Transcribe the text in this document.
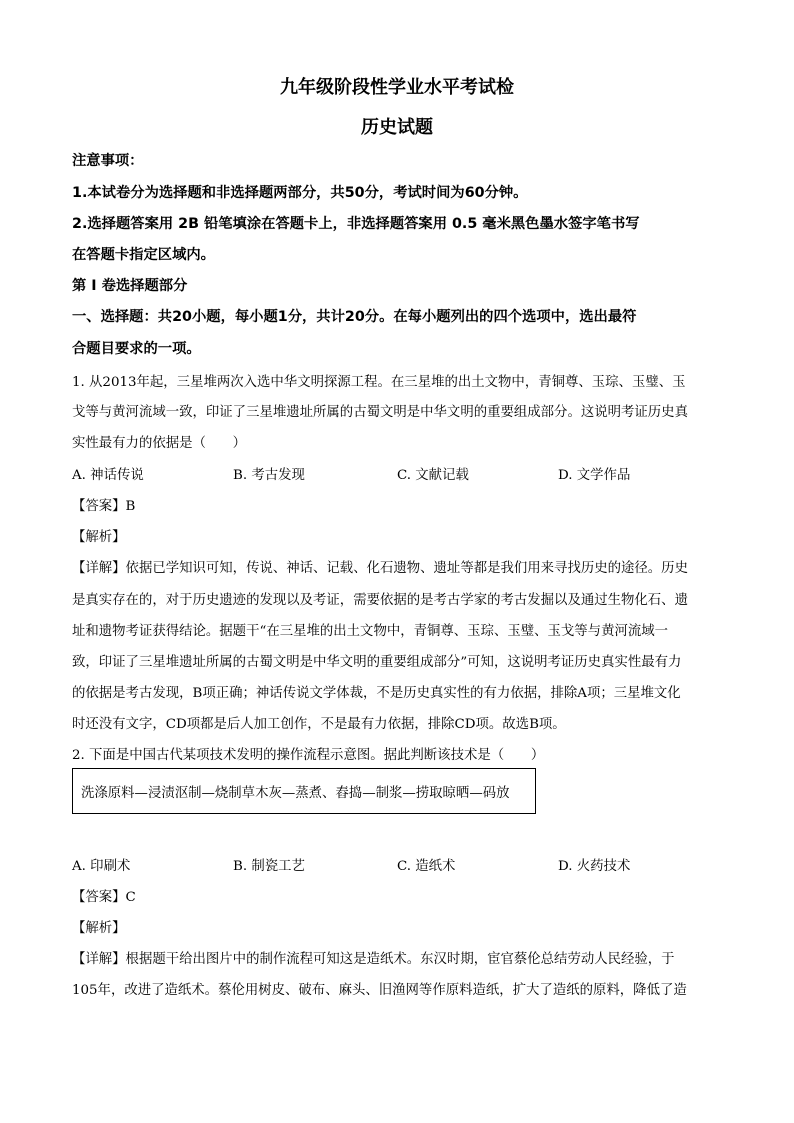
九年级阶段性学业水平考试检
历史试题
注意事项：
1.本试卷分为选择题和非选择题两部分，共50分，考试时间为60分钟。
2.选择题答案用 2B 铅笔填涂在答题卡上，非选择题答案用 0.5 毫米黑色墨水签字笔书写
在答题卡指定区域内。
第 I 卷选择题部分
一、选择题：共20小题，每小题1分，共计20分。在每小题列出的四个选项中，选出最符
合题目要求的一项。
1. 从2013年起，三星堆两次入选中华文明探源工程。在三星堆的出土文物中，青铜尊、玉琮、玉璧、玉
戈等与黄河流域一致，印证了三星堆遗址所属的古蜀文明是中华文明的重要组成部分。这说明考证历史真
实性最有力的依据是（　　）
A. 神话传说	B. 考古发现	C. 文献记载	D. 文学作品
【答案】B
【解析】
【详解】依据已学知识可知，传说、神话、记载、化石遗物、遗址等都是我们用来寻找历史的途径。历史
是真实存在的，对于历史遗迹的发现以及考证，需要依据的是考古学家的考古发掘以及通过生物化石、遗
址和遗物考证获得结论。据题干“在三星堆的出土文物中，青铜尊、玉琮、玉璧、玉戈等与黄河流域一
致，印证了三星堆遗址所属的古蜀文明是中华文明的重要组成部分”可知，这说明考证历史真实性最有力
的依据是考古发现，B项正确；神话传说文学体裁，不是历史真实性的有力依据，排除A项；三星堆文化
时还没有文字，CD项都是后人加工创作，不是最有力依据，排除CD项。故选B项。
2. 下面是中国古代某项技术发明的操作流程示意图。据此判断该技术是（　　）
洗涤原料—浸渍沤制—烧制草木灰—蒸煮、舂捣—制浆—捞取晾晒—码放
A. 印刷术	B. 制瓷工艺	C. 造纸术	D. 火药技术
【答案】C
【解析】
【详解】根据题干给出图片中的制作流程可知这是造纸术。东汉时期，宦官蔡伦总结劳动人民经验，于
105年，改进了造纸术。蔡伦用树皮、破布、麻头、旧渔网等作原料造纸，扩大了造纸的原料，降低了造
